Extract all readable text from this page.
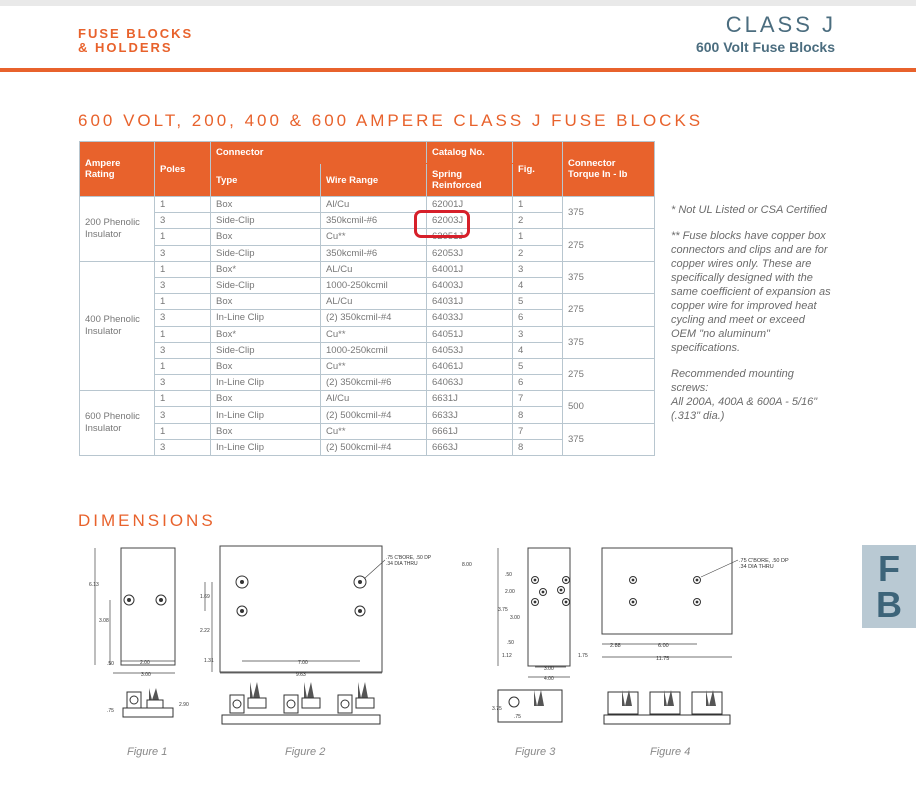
FUSE BLOCKS
& HOLDERS
CLASS J
600 Volt Fuse Blocks
600 VOLT, 200, 400 & 600 AMPERE CLASS J FUSE BLOCKS
Ampere Rating	Poles	Connector		Catalog No.	Fig.	Connector Torque In - lb
		Type	Wire Range	Spring Reinforced		
200 Phenolic Insulator	1	Box	Al/Cu	62001J	1	375
	3	Side-Clip	350kcmil-#6	62003J	2	
	1	Box	Cu**	62051J	1	275
	3	Side-Clip	350kcmil-#6	62053J	2	
400 Phenolic Insulator	1	Box*	AL/Cu	64001J	3	375
	3	Side-Clip	1000-250kcmil	64003J	4	
	1	Box	AL/Cu	64031J	5	275
	3	In-Line Clip	(2) 350kcmil-#4	64033J	6	
	1	Box*	Cu**	64051J	3	375
	3	Side-Clip	1000-250kcmil	64053J	4	
	1	Box	Cu**	64061J	5	275
	3	In-Line Clip	(2) 350kcmil-#6	64063J	6	
600 Phenolic Insulator	1	Box	Al/Cu	6631J	7	500
	3	In-Line Clip	(2) 500kcmil-#4	6633J	8	
	1	Box	Cu**	6661J	7	375
	3	In-Line Clip	(2) 500kcmil-#4	6663J	8	

* Not UL Listed or CSA Certified

** Fuse blocks have copper box connectors and clips and are for copper wires only. These are specifically designed with the same coefficient of expansion as copper wire for improved heat cycling and meet or exceed OEM "no aluminum" specifications.

Recommended mounting screws:
All 200A, 400A & 600A - 5/16" (.313" dia.)
DIMENSIONS
6.13
3.08
.50	2.00
3.00
.75
2.90
Figure 1
.75 C'BORE, .50 DP
.34 DIA THRU
1.69
2.22
1.31	7.00
9.63
Figure 2
8.00
.50
2.00
3.75
3.00
.50
1.12	1.75
3.00
4.00
3.75
.75
Figure 3
.75 C'BORE, .50 DP
.34 DIA THRU
2.88	6.00
11.75
Figure 4
F
B
